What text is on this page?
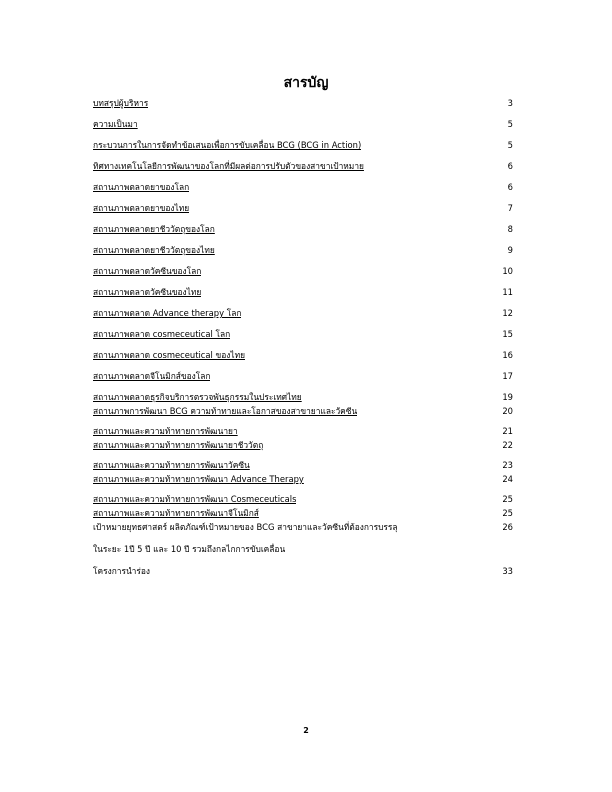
สารบัญ
บทสรุปผู้บริหาร	3
ความเป็นมา	5
กระบวนการในการจัดทำข้อเสนอเพื่อการขับเคลื่อน BCG (BCG in Action)	5
ทิศทางเทคโนโลยีการพัฒนาของโลกที่มีผลต่อการปรับตัวของสาขาเป้าหมาย	6
สถานภาพตลาดยาของโลก	6
สถานภาพตลาดยาของไทย	7
สถานภาพตลาดยาชีววัตถุของโลก	8
สถานภาพตลาดยาชีววัตถุของไทย	9
สถานภาพตลาดวัคซีนของโลก	10
สถานภาพตลาดวัคซีนของไทย	11
สถานภาพตลาด Advance therapy โลก	12
สถานภาพตลาด cosmeceutical โลก	15
สถานภาพตลาด cosmeceutical ของไทย	16
สถานภาพตลาดจีโนมิกส์ของโลก	17
สถานภาพตลาดธุรกิจบริการตรวจพันธุกรรมในประเทศไทย	19
สถานภาพการพัฒนา BCG ความท้าทายและโอกาสของสาขายาและวัคซีน	20
สถานภาพและความท้าทายการพัฒนายา	21
สถานภาพและความท้าทายการพัฒนายาชีววัตถุ	22
สถานภาพและความท้าทายการพัฒนาวัคซีน	23
สถานภาพและความท้าทายการพัฒนา Advance Therapy	24
สถานภาพและความท้าทายการพัฒนา Cosmeceuticals	25
สถานภาพและความท้าทายการพัฒนาจีโนมิกส์	25
เป้าหมายยุทธศาสตร์ ผลิตภัณฑ์เป้าหมายของ BCG สาขายาและวัคซีนที่ต้องการบรรลุ	26
ในระยะ 1ปี 5 ปี และ 10 ปี รวมถึงกลไกการขับเคลื่อน
โครงการนำร่อง	33
2
